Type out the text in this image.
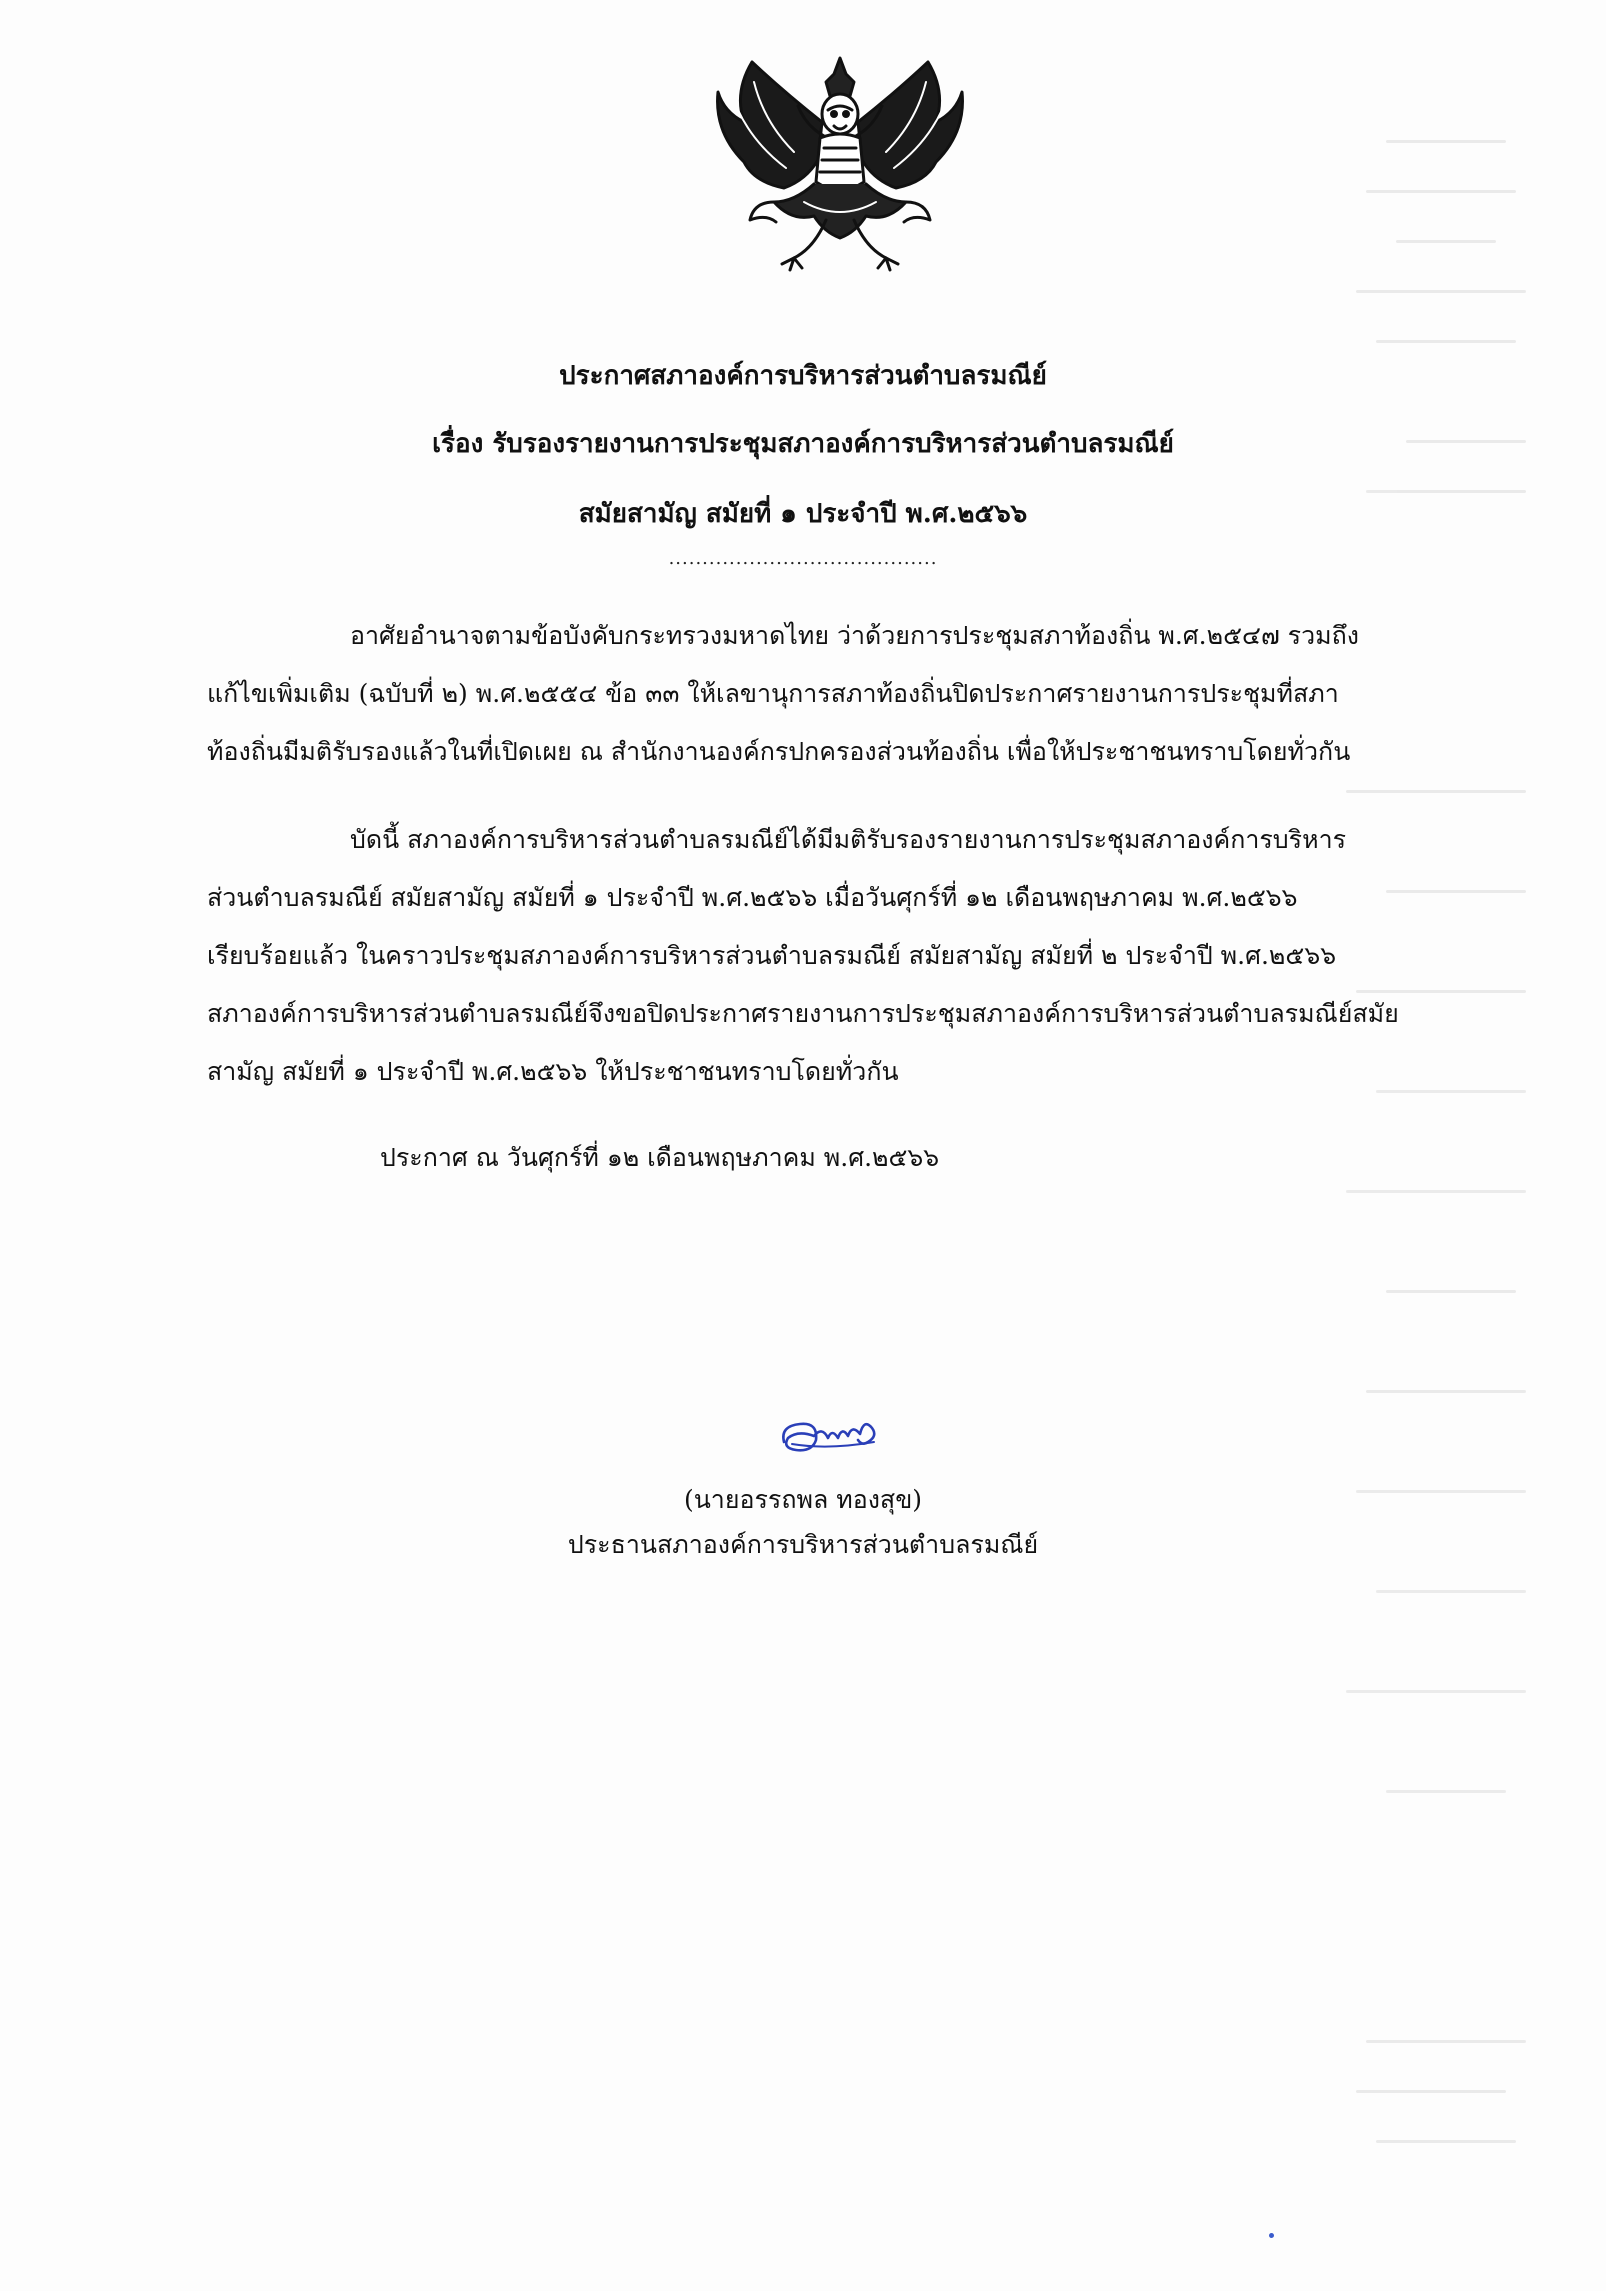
ประกาศสภาองค์การบริหารส่วนตำบลรมณีย์
เรื่อง รับรองรายงานการประชุมสภาองค์การบริหารส่วนตำบลรมณีย์
สมัยสามัญ สมัยที่ ๑ ประจำปี พ.ศ.๒๕๖๖
........................................
อาศัยอำนาจตามข้อบังคับกระทรวงมหาดไทย ว่าด้วยการประชุมสภาท้องถิ่น พ.ศ.๒๕๔๗ รวมถึง
แก้ไขเพิ่มเติม (ฉบับที่ ๒) พ.ศ.๒๕๕๔ ข้อ ๓๓ ให้เลขานุการสภาท้องถิ่นปิดประกาศรายงานการประชุมที่สภา
ท้องถิ่นมีมติรับรองแล้วในที่เปิดเผย ณ สำนักงานองค์กรปกครองส่วนท้องถิ่น เพื่อให้ประชาชนทราบโดยทั่วกัน
บัดนี้ สภาองค์การบริหารส่วนตำบลรมณีย์ได้มีมติรับรองรายงานการประชุมสภาองค์การบริหาร
ส่วนตำบลรมณีย์ สมัยสามัญ สมัยที่ ๑ ประจำปี พ.ศ.๒๕๖๖ เมื่อวันศุกร์ที่ ๑๒ เดือนพฤษภาคม พ.ศ.๒๕๖๖
เรียบร้อยแล้ว ในคราวประชุมสภาองค์การบริหารส่วนตำบลรมณีย์ สมัยสามัญ สมัยที่ ๒ ประจำปี พ.ศ.๒๕๖๖
สภาองค์การบริหารส่วนตำบลรมณีย์จึงขอปิดประกาศรายงานการประชุมสภาองค์การบริหารส่วนตำบลรมณีย์สมัย
สามัญ สมัยที่ ๑ ประจำปี พ.ศ.๒๕๖๖ ให้ประชาชนทราบโดยทั่วกัน
ประกาศ ณ วันศุกร์ที่ ๑๒ เดือนพฤษภาคม พ.ศ.๒๕๖๖
(นายอรรถพล ทองสุข)
ประธานสภาองค์การบริหารส่วนตำบลรมณีย์
